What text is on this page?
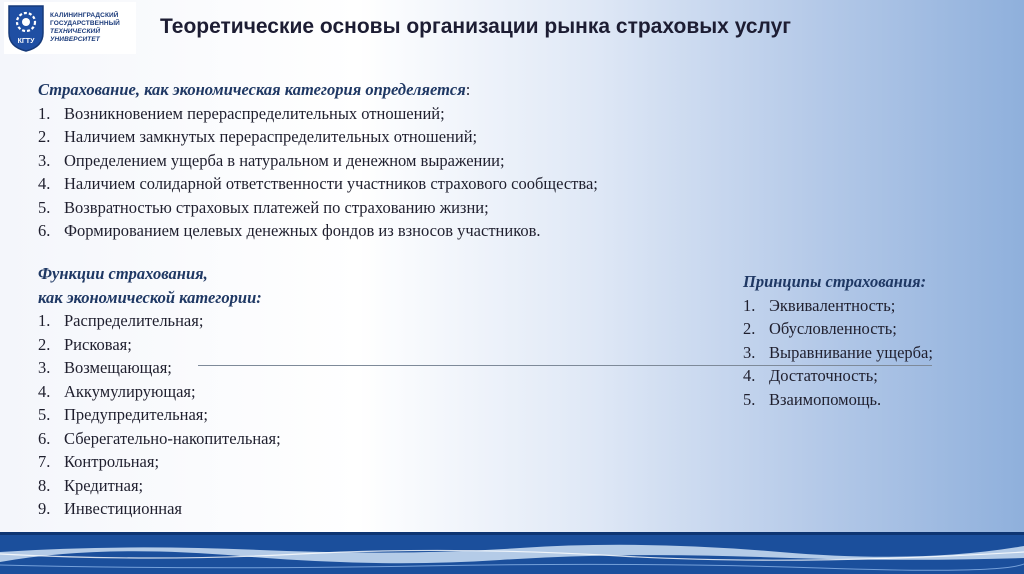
КГТУ
КАЛИНИНГРАДСКИЙ
ГОСУДАРСТВЕННЫЙ
ТЕХНИЧЕСКИЙ
УНИВЕРСИТЕТ
Теоретические основы организации рынка страховых услуг
Страхование, как экономическая категория определяется:
1. Возникновением перераспределительных отношений;
2. Наличием замкнутых перераспределительных отношений;
3. Определением ущерба в натуральном и денежном выражении;
4. Наличием солидарной ответственности участников страхового сообщества;
5. Возвратностью страховых платежей по страхованию жизни;
6. Формированием целевых денежных фондов из взносов участников.
Функции страхования,
как экономической категории:
1. Распределительная;
2. Рисковая;
3. Возмещающая;
4. Аккумулирующая;
5. Предупредительная;
6. Сберегательно-накопительная;
7. Контрольная;
8. Кредитная;
9. Инвестиционная
Принципы страхования:
1. Эквивалентность;
2. Обусловленность;
3. Выравнивание ущерба;
4. Достаточность;
5. Взаимопомощь.
